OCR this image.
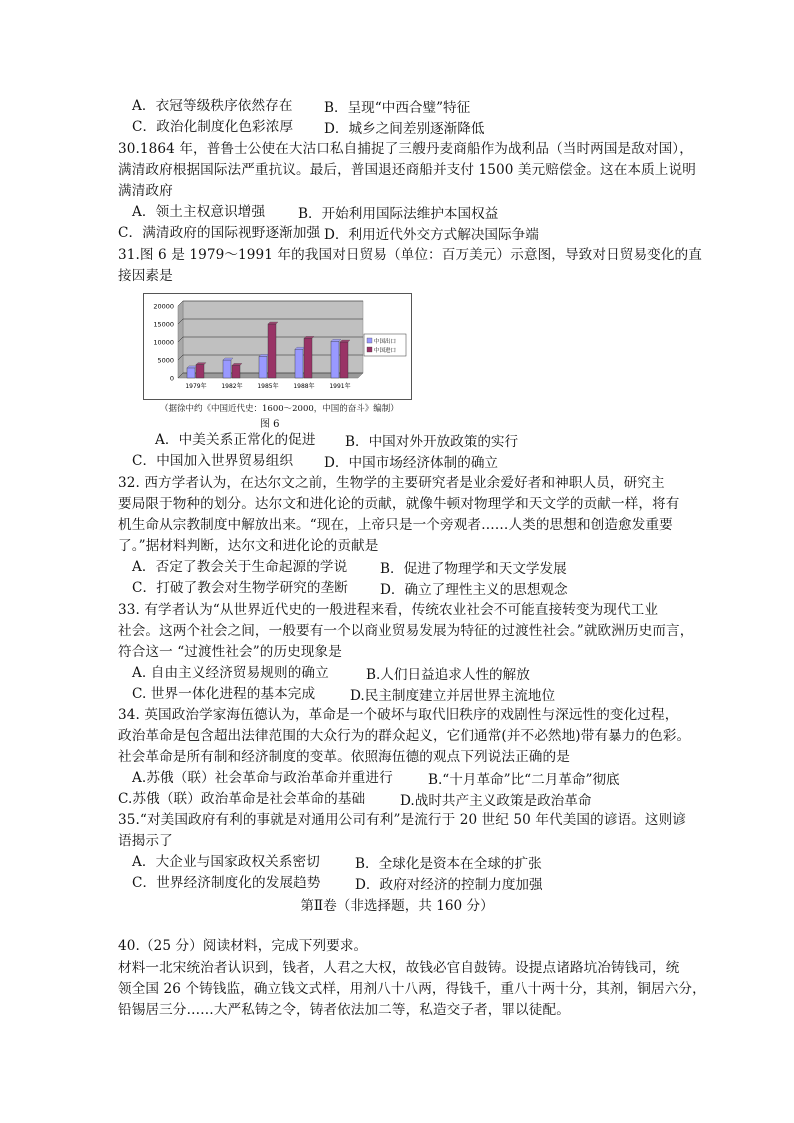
A．衣冠等级秩序依然存在	B．呈现“中西合璧”特征
C．政治化制度化色彩浓厚	D．城乡之间差别逐渐降低
30.1864 年，普鲁士公使在大沽口私自捕捉了三艘丹麦商船作为战利品（当时两国是敌对国），
满清政府根据国际法严重抗议。最后，普国退还商船并支付 1500 美元赔偿金。这在本质上说明
满清政府
A．领土主权意识增强	B．开始利用国际法维护本国权益
C．满清政府的国际视野逐渐加强 D．利用近代外交方式解决国际争端
31.图 6 是 1979～1991 年的我国对日贸易（单位：百万美元）示意图，导致对日贸易变化的直
接因素是
0
5000
10000
15000
20000
1979年 1982年 1985年 1988年 1991年
中国出口
中国进口
（据徐中约《中国近代史：1600～2000，中国的奋斗》编制）
图 6
A．中美关系正常化的促进	B．中国对外开放政策的实行
C．中国加入世界贸易组织	D．中国市场经济体制的确立
32. 西方学者认为，在达尔文之前，生物学的主要研究者是业余爱好者和神职人员，研究主
要局限于物种的划分。达尔文和进化论的贡献，就像牛顿对物理学和天文学的贡献一样，将有
机生命从宗教制度中解放出来。“现在，上帝只是一个旁观者……人类的思想和创造愈发重要
了。”据材料判断，达尔文和进化论的贡献是
A．否定了教会关于生命起源的学说	B．促进了物理学和天文学发展
C．打破了教会对生物学研究的垄断	D．确立了理性主义的思想观念
33. 有学者认为“从世界近代史的一般进程来看，传统农业社会不可能直接转变为现代工业
社会。这两个社会之间，一般要有一个以商业贸易发展为特征的过渡性社会。”就欧洲历史而言，
符合这一 “过渡性社会”的历史现象是
A. 自由主义经济贸易规则的确立	B.人们日益追求人性的解放
C. 世界一体化进程的基本完成	D.民主制度建立并居世界主流地位
34. 英国政治学家海伍德认为，革命是一个破坏与取代旧秩序的戏剧性与深远性的变化过程，
政治革命是包含超出法律范围的大众行为的群众起义，它们通常(并不必然地)带有暴力的色彩。
社会革命是所有制和经济制度的变革。依照海伍德的观点下列说法正确的是
A.苏俄（联）社会革命与政治革命并重进行	B.“十月革命”比“二月革命”彻底
C.苏俄（联）政治革命是社会革命的基础	D.战时共产主义政策是政治革命
35.“对美国政府有利的事就是对通用公司有利”是流行于 20 世纪 50 年代美国的谚语。这则谚
语揭示了
A．大企业与国家政权关系密切	B．全球化是资本在全球的扩张
C．世界经济制度化的发展趋势	D．政府对经济的控制力度加强
第Ⅱ卷（非选择题，共 160 分）
40.（25 分）阅读材料，完成下列要求。
材料一北宋统治者认识到，钱者，人君之大权，故钱必官自鼓铸。设提点诸路坑冶铸钱司，统
领全国 26 个铸钱监，确立钱文式样，用剂八十八两，得钱千，重八十两十分，其剂，铜居六分，
铅锡居三分……大严私铸之令，铸者依法加二等，私造交子者，罪以徒配。
